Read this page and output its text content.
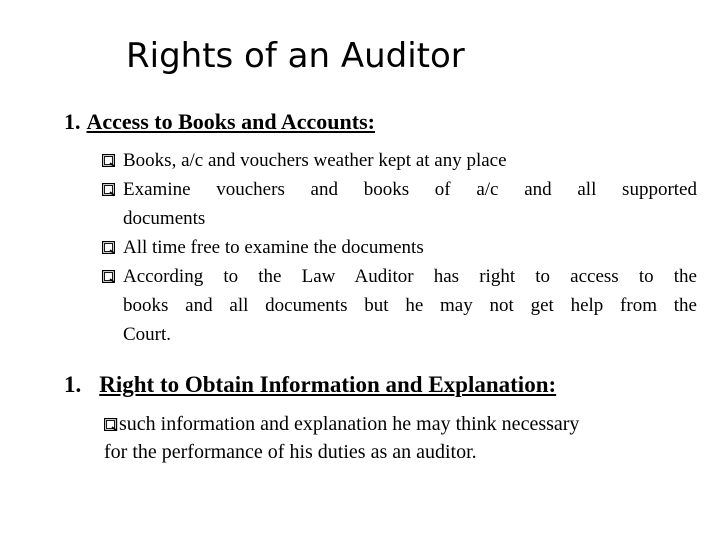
Rights of an Auditor
1. Access to Books and Accounts:
Books, a/c and vouchers weather kept at any place
Examine vouchers and books of a/c and all supported
documents
All time free to examine the documents
According to the Law Auditor has right to access to the
books and all documents but he may not get help from the
Court.
1. Right to Obtain Information and Explanation:
such information and explanation he may think necessary
for the performance of his duties as an auditor.
